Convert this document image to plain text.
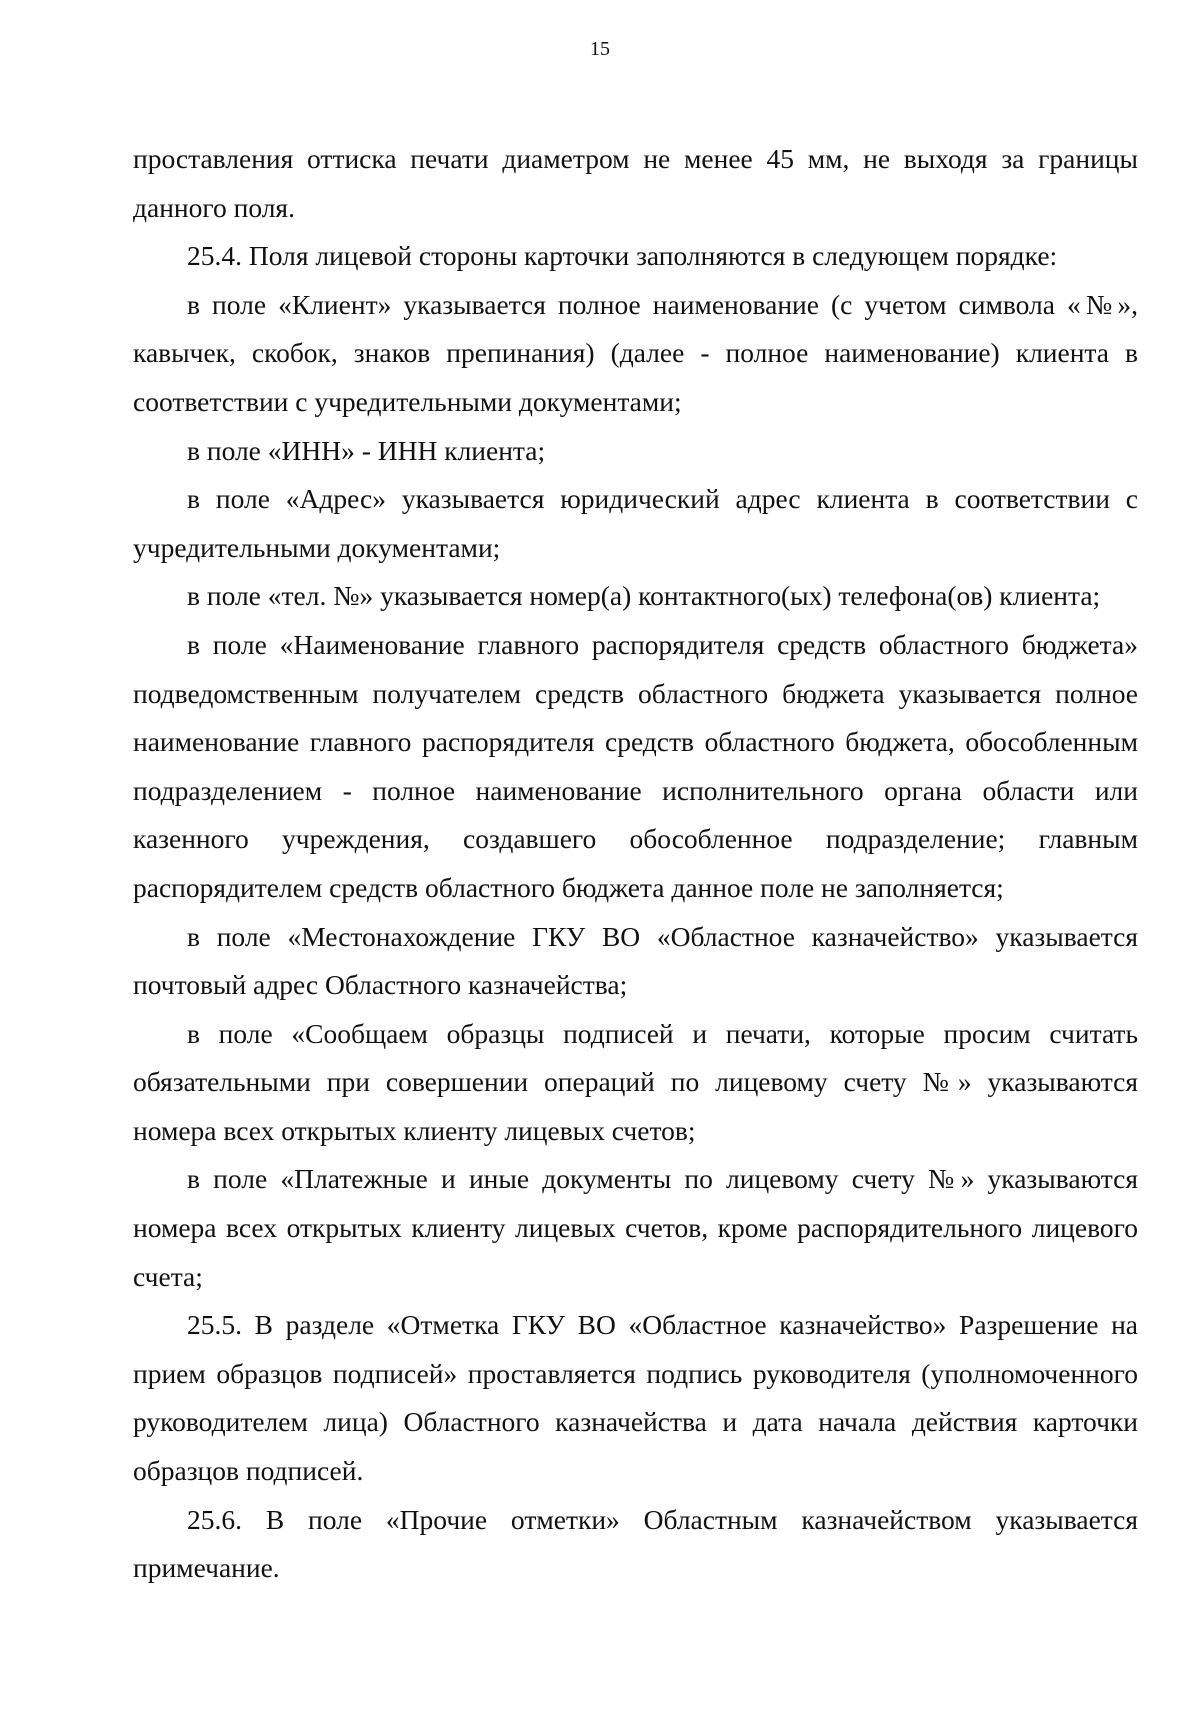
15

проставления оттиска печати диаметром не менее 45 мм, не выходя за границы данного поля.

25.4. Поля лицевой стороны карточки заполняются в следующем порядке:

в поле «Клиент» указывается полное наименование (с учетом символа «№», кавычек, скобок, знаков препинания) (далее - полное наименование) клиента в соответствии с учредительными документами;

в поле «ИНН» - ИНН клиента;

в поле «Адрес» указывается юридический адрес клиента в соответствии с учредительными документами;

в поле «тел. №» указывается номер(а) контактного(ых) телефона(ов) клиента;

в поле «Наименование главного распорядителя средств областного бюджета» подведомственным получателем средств областного бюджета указывается полное наименование главного распорядителя средств областного бюджета, обособленным подразделением - полное наименование исполнительного органа области или казенного учреждения, создавшего обособленное подразделение; главным распорядителем средств областного бюджета данное поле не заполняется;

в поле «Местонахождение ГКУ ВО «Областное казначейство» указывается почтовый адрес Областного казначейства;

в поле «Сообщаем образцы подписей и печати, которые просим считать обязательными при совершении операций по лицевому счету №» указываются номера всех открытых клиенту лицевых счетов;

в поле «Платежные и иные документы по лицевому счету №» указываются номера всех открытых клиенту лицевых счетов, кроме распорядительного лицевого счета;

25.5. В разделе «Отметка ГКУ ВО «Областное казначейство» Разрешение на прием образцов подписей» проставляется подпись руководителя (уполномоченного руководителем лица) Областного казначейства и дата начала действия карточки образцов подписей.

25.6. В поле «Прочие отметки» Областным казначейством указывается примечание.
